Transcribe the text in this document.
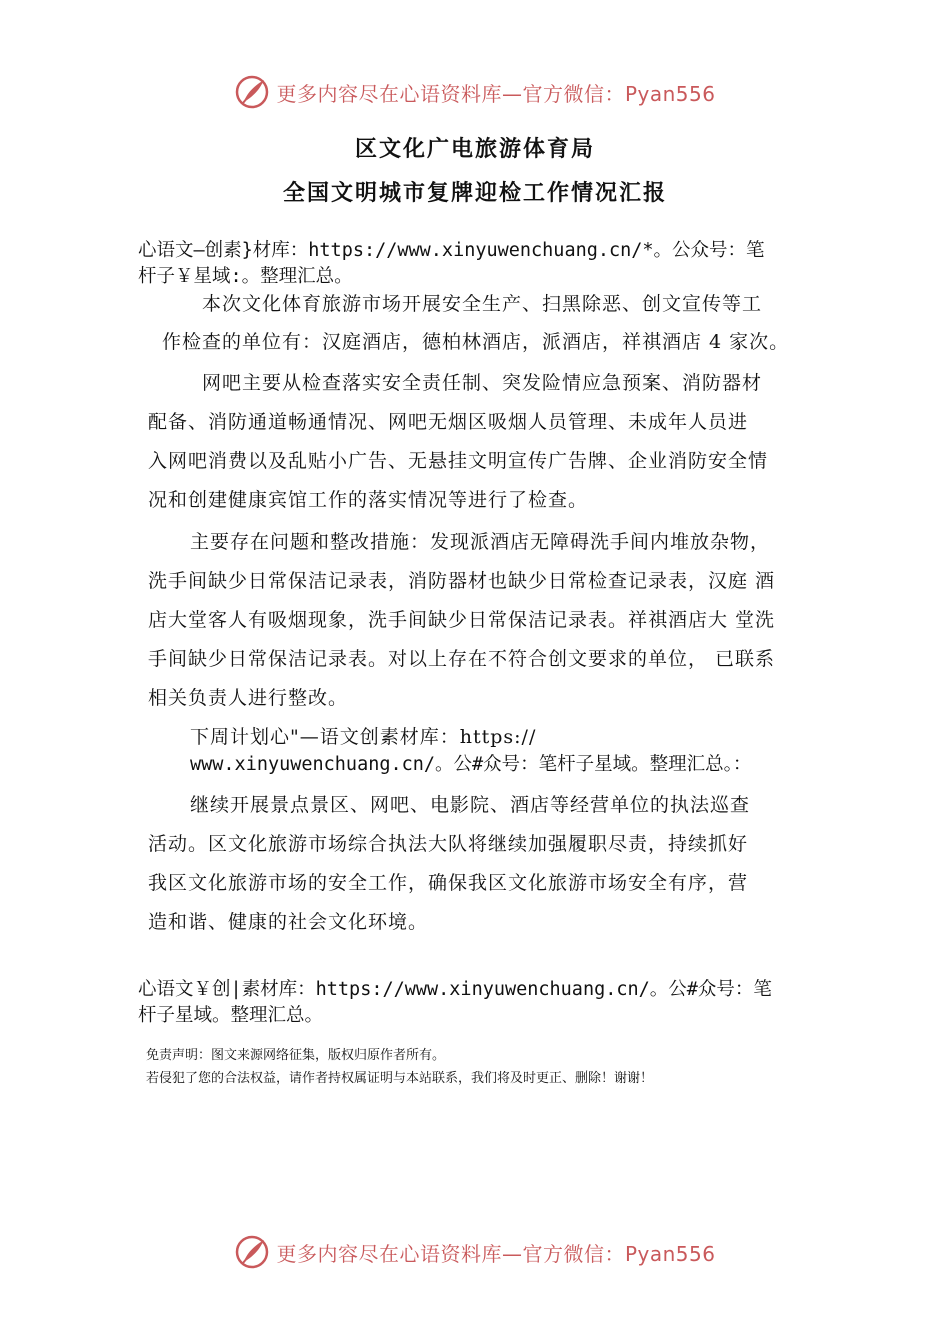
更多内容尽在心语资料库—官方微信：Pyan556
区文化广电旅游体育局
全国文明城市复牌迎检工作情况汇报
心语文—创素}材库：https://www.xinyuwenchuang.cn/*。公众号：笔
杆子￥星域:。整理汇总。
本次文化体育旅游市场开展安全生产、扫黑除恶、创文宣传等工
作检查的单位有：汉庭酒店，德柏林酒店，派酒店，祥祺酒店 4 家次。
网吧主要从检查落实安全责任制、突发险情应急预案、消防器材
配备、消防通道畅通情况、网吧无烟区吸烟人员管理、未成年人员进
入网吧消费以及乱贴小广告、无悬挂文明宣传广告牌、企业消防安全情
况和创建健康宾馆工作的落实情况等进行了检查。
主要存在问题和整改措施：发现派酒店无障碍洗手间内堆放杂物，
洗手间缺少日常保洁记录表，消防器材也缺少日常检查记录表，汉庭 酒
店大堂客人有吸烟现象，洗手间缺少日常保洁记录表。祥祺酒店大 堂洗
手间缺少日常保洁记录表。对以上存在不符合创文要求的单位， 已联系
相关负责人进行整改。
下周计划心"—语文创素材库：https://
www.xinyuwenchuang.cn/。公#众号：笔杆子星域。整理汇总。：
继续开展景点景区、网吧、电影院、酒店等经营单位的执法巡查
活动。区文化旅游市场综合执法大队将继续加强履职尽责，持续抓好
我区文化旅游市场的安全工作，确保我区文化旅游市场安全有序，营
造和谐、健康的社会文化环境。
心语文￥创|素材库：https://www.xinyuwenchuang.cn/。公#众号：笔
杆子星域。整理汇总。
免责声明：图文来源网络征集，版权归原作者所有。
若侵犯了您的合法权益，请作者持权属证明与本站联系，我们将及时更正、删除！谢谢！
更多内容尽在心语资料库—官方微信：Pyan556
